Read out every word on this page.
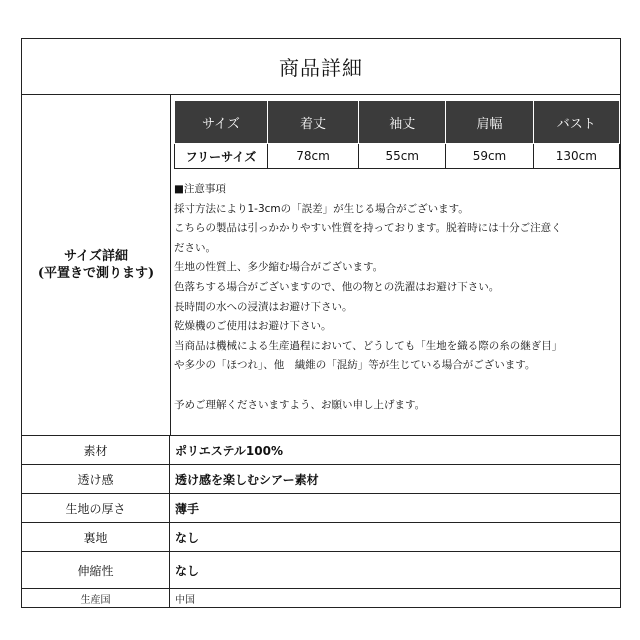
商品詳細
サイズ詳細
(平置きで測ります)
サイズ	着丈	袖丈	肩幅	バスト
フリーサイズ	78cm	55cm	59cm	130cm
■注意事項
採寸方法により1-3cmの「誤差」が生じる場合がございます。
こちらの製品は引っかかりやすい性質を持っております。脱着時には十分ご注意く
ださい。
生地の性質上、多少縮む場合がございます。
色落ちする場合がございますので、他の物との洗濯はお避け下さい。
長時間の水への浸漬はお避け下さい。
乾燥機のご使用はお避け下さい。
当商品は機械による生産過程において、どうしても「生地を織る際の糸の継ぎ目」
や多少の「ほつれ」、他　繊維の「混紡」等が生じている場合がございます。
予めご理解くださいますよう、お願い申し上げます。
素材	ポリエステル100%
透け感	透け感を楽しむシアー素材
生地の厚さ	薄手
裏地	なし
伸縮性	なし
生産国	中国
